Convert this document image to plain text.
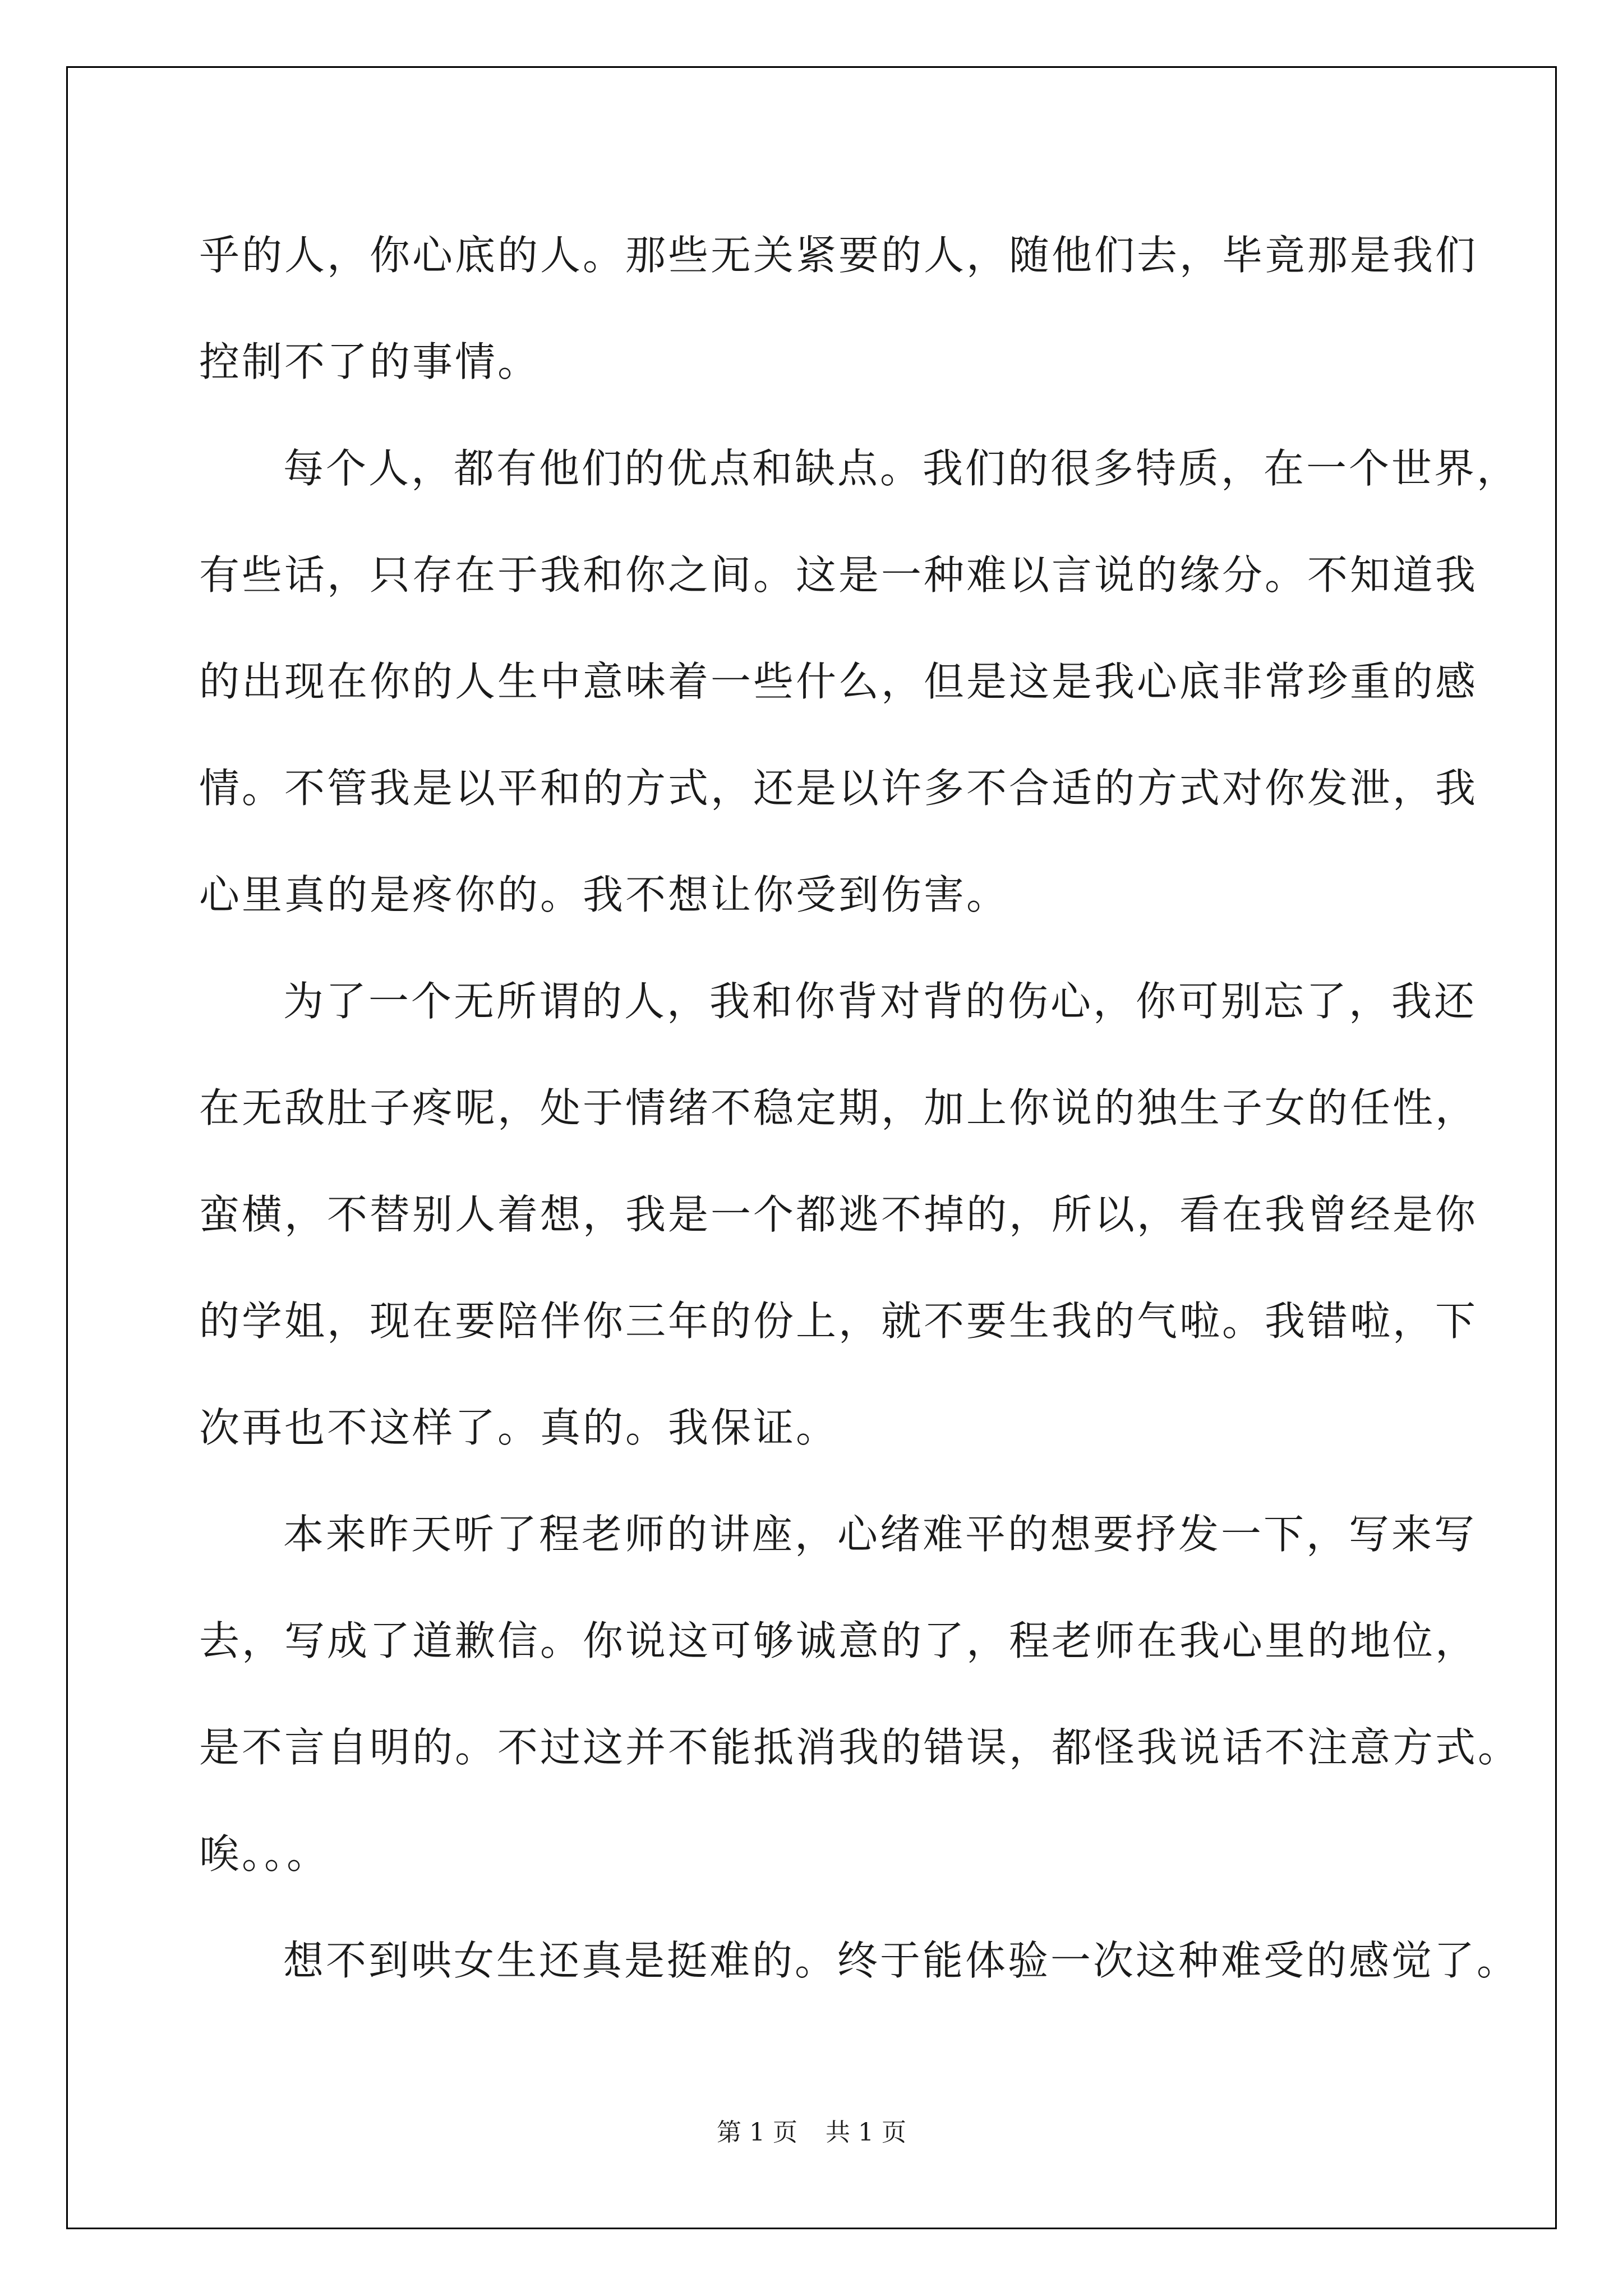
乎的人，你心底的人。那些无关紧要的人，随他们去，毕竟那是我们
控制不了的事情。
每个人，都有他们的优点和缺点。我们的很多特质，在一个世界，
有些话，只存在于我和你之间。这是一种难以言说的缘分。不知道我
的出现在你的人生中意味着一些什么，但是这是我心底非常珍重的感
情。不管我是以平和的方式，还是以许多不合适的方式对你发泄，我
心里真的是疼你的。我不想让你受到伤害。
为了一个无所谓的人，我和你背对背的伤心，你可别忘了，我还
在无敌肚子疼呢，处于情绪不稳定期，加上你说的独生子女的任性，
蛮横，不替别人着想，我是一个都逃不掉的，所以，看在我曾经是你
的学姐，现在要陪伴你三年的份上，就不要生我的气啦。我错啦，下
次再也不这样了。真的。我保证。
本来昨天听了程老师的讲座，心绪难平的想要抒发一下，写来写
去，写成了道歉信。你说这可够诚意的了，程老师在我心里的地位，
是不言自明的。不过这并不能抵消我的错误，都怪我说话不注意方式。
唉。。。
想不到哄女生还真是挺难的。终于能体验一次这种难受的感觉了。
第 1 页 共 1 页
